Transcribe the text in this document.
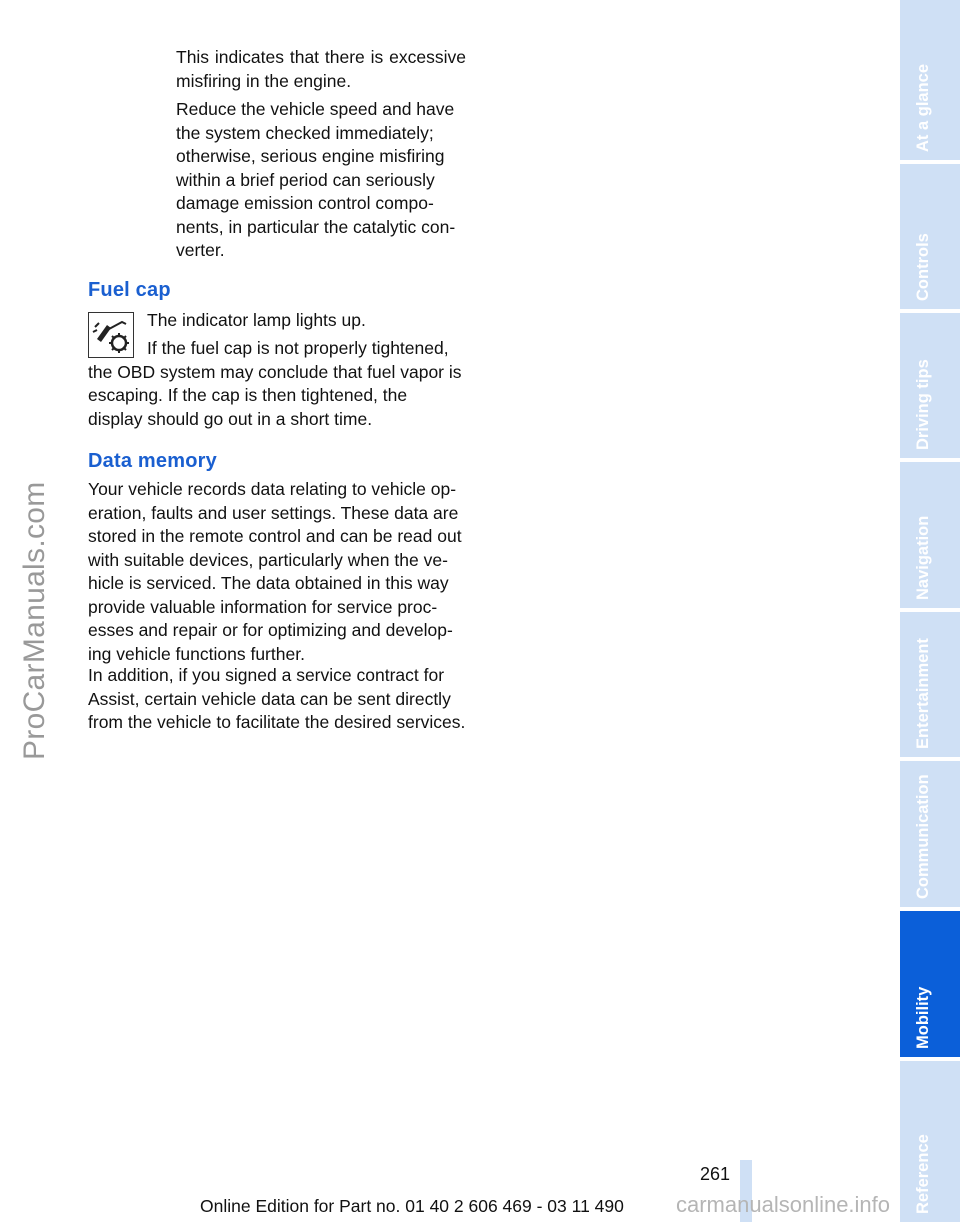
ProCarManuals.com

This indicates that there is excessive misfiring in the engine.

Reduce the vehicle speed and have the system checked immediately; otherwise, serious engine misfiring within a brief period can seriously damage emission control components, in particular the catalytic converter.

Fuel cap

The indicator lamp lights up.

If the fuel cap is not properly tightened, the OBD system may conclude that fuel vapor is escaping. If the cap is then tightened, the display should go out in a short time.

Data memory

Your vehicle records data relating to vehicle operation, faults and user settings. These data are stored in the remote control and can be read out with suitable devices, particularly when the vehicle is serviced. The data obtained in this way provide valuable information for service processes and repair or for optimizing and developing vehicle functions further.

In addition, if you signed a service contract for Assist, certain vehicle data can be sent directly from the vehicle to facilitate the desired services.

At a glance
Controls
Driving tips
Navigation
Entertainment
Communication
Mobility
Reference
261
Online Edition for Part no. 01 40 2 606 469 - 03 11 490 carmanualsonline.info
